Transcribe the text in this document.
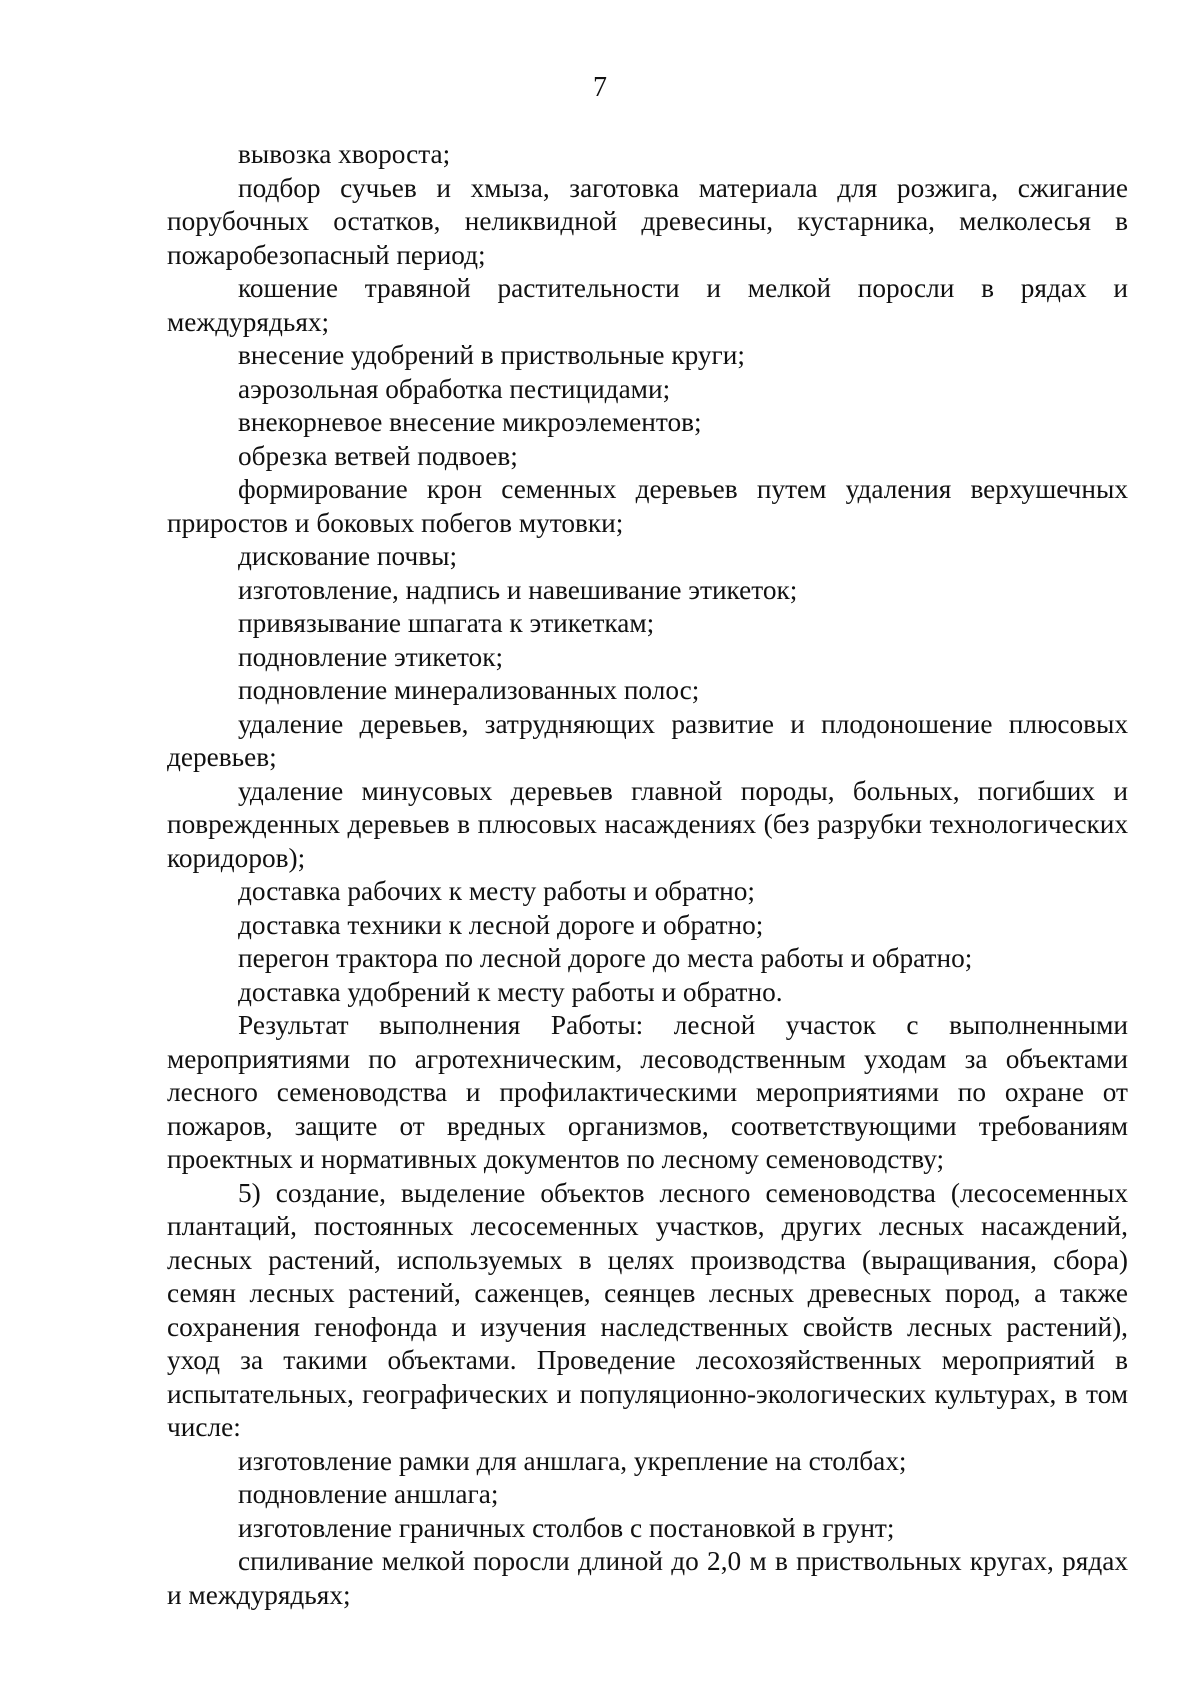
7

вывозка хвороста;

подбор сучьев и хмыза, заготовка материала для розжига, сжигание порубочных остатков, неликвидной древесины, кустарника, мелколесья в пожаробезопасный период;

кошение травяной растительности и мелкой поросли в рядах и междурядьях;

внесение удобрений в приствольные круги;

аэрозольная обработка пестицидами;

внекорневое внесение микроэлементов;

обрезка ветвей подвоев;

формирование крон семенных деревьев путем удаления верхушечных приростов и боковых побегов мутовки;

дискование почвы;

изготовление, надпись и навешивание этикеток;

привязывание шпагата к этикеткам;

подновление этикеток;

подновление минерализованных полос;

удаление деревьев, затрудняющих развитие и плодоношение плюсовых деревьев;

удаление минусовых деревьев главной породы, больных, погибших и поврежденных деревьев в плюсовых насаждениях (без разрубки технологических коридоров);

доставка рабочих к месту работы и обратно;

доставка техники к лесной дороге и обратно;

перегон трактора по лесной дороге до места работы и обратно;

доставка удобрений к месту работы и обратно.

Результат выполнения Работы: лесной участок с выполненными мероприятиями по агротехническим, лесоводственным уходам за объектами лесного семеноводства и профилактическими мероприятиями по охране от пожаров, защите от вредных организмов, соответствующими требованиям проектных и нормативных документов по лесному семеноводству;

5) создание, выделение объектов лесного семеноводства (лесосеменных плантаций, постоянных лесосеменных участков, других лесных насаждений, лесных растений, используемых в целях производства (выращивания, сбора) семян лесных растений, саженцев, сеянцев лесных древесных пород, а также сохранения генофонда и изучения наследственных свойств лесных растений), уход за такими объектами. Проведение лесохозяйственных мероприятий в испытательных, географических и популяционно-экологических культурах, в том числе:

изготовление рамки для аншлага, укрепление на столбах;

подновление аншлага;

изготовление граничных столбов с постановкой в грунт;

спиливание мелкой поросли длиной до 2,0 м в приствольных кругах, рядах и междурядьях;
